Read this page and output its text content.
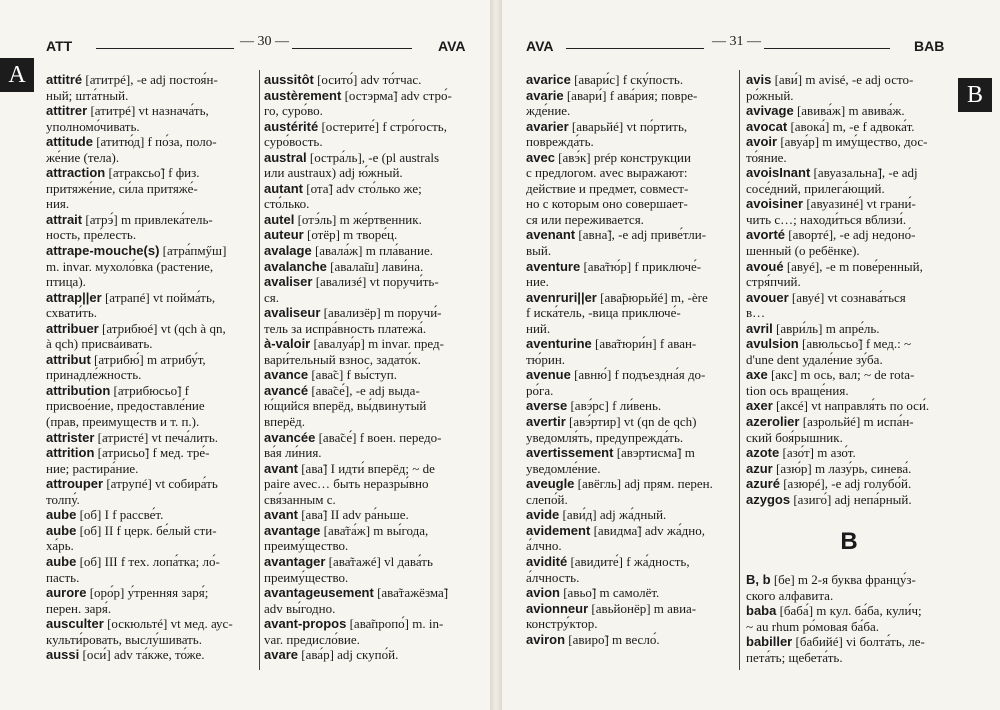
ATT	— 30 —	AVA	AVA	— 31 —	BAB
A
B
attitré [атитрé], -e adj постоя́н-
ный; шта́тный.
attitrer [атитрé] vt назнача́ть,
уполномо́чивать.
attitude [атитю́д] f по́за, поло-
же́ние (тела).
attraction [атраксьо̃] f физ.
притяже́ние, си́ла притяже́-
ния.
attrait [атрэ́] m привлека́тель-
ность, пре́лесть.
attrape-mouche(s) [атра́пмӳш]
m. invar. мухоло́вка (растение,
птица).
attrap||er [атрапé] vt пойма́ть,
схвати́ть.
attribuer [атрибюé] vt (qch à qn,
à qch) присва́ивать.
attribut [атрибю́] m атрибу́т,
принадле́жность.
attribution [атрибюсьо̃] f
присвое́ние, предоставле́ние
(прав, преимуществ и т. п.).
attrister [атристé] vt печа́лить.
attrition [атрисьо̃] f мед. тре́-
ние; растира́ние.
attrouper [атрупé] vt собира́ть
толпу́.
aube [об] I f рассве́т.
aube [об] II f церк. бе́лый сти-
ха́рь.
aube [об] III f тех. лопа́тка; ло́-
пасть.
aurore [оро́р] у́тренняя заря́;
перен. заря́.
ausculter [оскюльтé] vt мед. аус-
культи́ровать, выслу́шивать.
aussi [оси́] adv та́кже, то́же.
aussitôt [осито́] adv то́тчас.
austèrement [остэрма̃] adv стро́-
го, суро́во.
austérité [остерите́] f стро́гость,
суро́вость.
austral [остра́ль], -e (pl australs
или austraux) adj ю́жный.
autant [ота̃] adv сто́лько же;
сто́лько.
autel [отэ́ль] m же́ртвенник.
auteur [отёр] m творе́ц.
avalage [авала́ж] m пла́вание.
avalanche [авала̃ш] лави́на.
avaliser [авализé] vt поручи́ть-
ся.
avaliseur [авализёр] m поручи́-
тель за испра́вность платежа́.
à-valoir [авалуа́р] m invar. пред-
вари́тельный взнос, задато́к.
avance [ава̃с] f вы́ступ.
avancé [ава̃се́], -e adj выда-
ю́щийся вперёд, вы́двинутый
вперёд.
avancée [ава̃се́] f воен. передо-
ва́я ли́ния.
avant [ава̃] I идти́ вперёд; ~ de
paire avec… быть неразры́вно
свя́занным с.
avant [ава̃] II adv ра́ньше.
avantage [ава̃та́ж] m вы́года,
преиму́щество.
avantager [ава̃тажé] vl дава́ть
преиму́щество.
avantageusement [ава̃тажёзма̃]
adv вы́годно.
avant-propos [ава̃пропо́] m. in-
var. предисло́вие.
avare [ава́р] adj скупо́й.
avarice [авари́с] f ску́пость.
avarie [авари́] f ава́рия; повре-
жде́ние.
avarier [аварьйé] vt по́ртить,
поврежда́ть.
avec [авэ́к] prép конструкции
с предлогом. avec выражают:
действие и предмет, совмест-
но с которым оно совершает-
ся или переживается.
avenant [авна̃], -e adj приве́тли-
вый.
aventure [ава̃тю́р] f приключе́-
ние.
avenruri||er [ава̃рюрьйé] m, -ère
f иска́тель, -вица приключе́-
ний.
aventurine [ава̃тюри́н] f аван-
тю́рин.
avenue [авню́] f подъездна́я до-
ро́га.
averse [авэ́рс] f ли́вень.
avertir [авэ́ртир] vt (qn de qch)
уведомля́ть, предупрежда́ть.
avertissement [авэртисма̃] m
уведомле́ние.
aveugle [авёгль] adj прям. перен.
слепо́й.
avide [ави́д] adj жа́дный.
avidement [авидма̃] adv жа́дно,
а́лчно.
avidité [авидите́] f жа́дность,
а́лчность.
avion [авьо̃] m самолёт.
avionneur [авьйонёр] m авиа-
констру́ктор.
aviron [авиро̃] m весло́.
avis [ави́] m avisé, -e adj осто-
ро́жный.
avivage [авива́ж] m авива́ж.
avocat [авока́] m, -e f адвока́т.
avoir [авуа́р] m иму́щество, дос-
то́яние.
avoisInant [авуазальна̃], -e adj
сосе́дний, прилега́ющий.
avoisiner [авуазинé] vt грани́-
чить с…; находи́ться вблизи́.
avorté [авортé], -e adj недоно́-
шенный (о ребёнке).
avoué [авуé], -e m пове́ренный,
стря́пчий.
avouer [авуé] vt сознава́ться
в…
avril [аври́ль] m апре́ль.
avulsion [авюльсьо̃] f мед.: ~
d'une dent удале́ние зу́ба.
axe [акс] m ось, вал; ~ de rota-
tion ось враще́ния.
axer [аксé] vt направля́ть по оси́.
azerolier [азрольйé] m испа́н-
ский боя́рышник.
azote [азо́т] m азо́т.
azur [азю́р] m лазу́рь, синева́.
azuré [азюрé], -e adj голубо́й.
azygos [азиго́] adj непа́рный.
B
B, b [бе] m 2-я буква францу́з-
ского алфавита.
baba [баба́] m кул. ба́ба, кули́ч;
~ au rhum ро́мовая ба́ба.
babiller [бабийé] vi болта́ть, ле-
пета́ть; щебета́ть.
